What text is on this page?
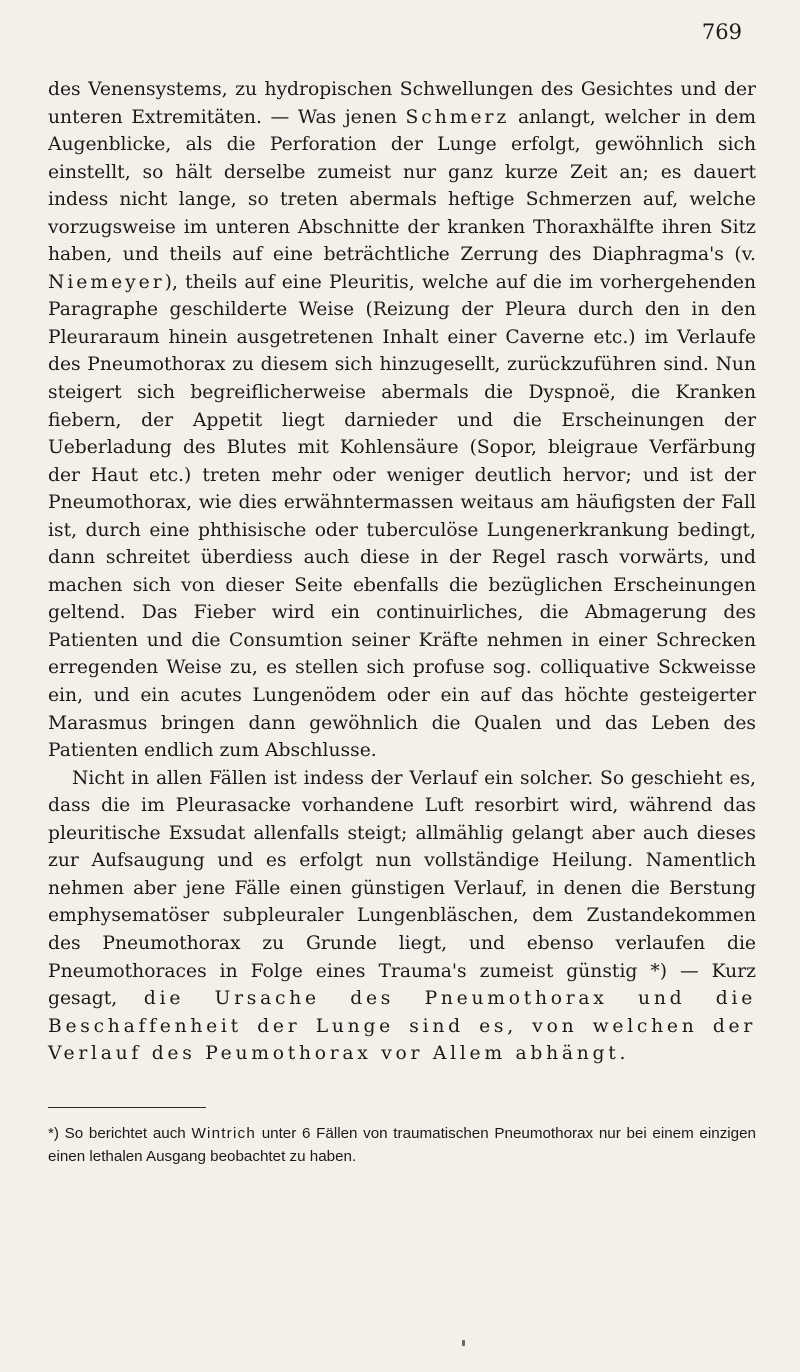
769

des Venensystems, zu hydropischen Schwellungen des Gesichtes und der unteren Extremitäten. — Was jenen Schmerz anlangt, welcher in dem Augenblicke, als die Perforation der Lunge erfolgt, gewöhnlich sich einstellt, so hält derselbe zumeist nur ganz kurze Zeit an; es dauert indess nicht lange, so treten abermals heftige Schmerzen auf, welche vorzugsweise im unteren Abschnitte der kranken Thoraxhälfte ihren Sitz haben, und theils auf eine beträchtliche Zerrung des Diaphragma's (v. Niemeyer), theils auf eine Pleuritis, welche auf die im vorhergehenden Paragraphe geschilderte Weise (Reizung der Pleura durch den in den Pleuraraum hinein ausgetretenen Inhalt einer Caverne etc.) im Verlaufe des Pneumothorax zu diesem sich hinzugesellt, zurückzuführen sind. Nun steigert sich begreiflicherweise abermals die Dyspnoë, die Kranken fiebern, der Appetit liegt darnieder und die Erscheinungen der Ueberladung des Blutes mit Kohlensäure (Sopor, bleigraue Verfärbung der Haut etc.) treten mehr oder weniger deutlich hervor; und ist der Pneumothorax, wie dies erwähntermassen weitaus am häufigsten der Fall ist, durch eine phthisische oder tuberculöse Lungenerkrankung bedingt, dann schreitet überdiess auch diese in der Regel rasch vorwärts, und machen sich von dieser Seite ebenfalls die bezüglichen Erscheinungen geltend. Das Fieber wird ein continuirliches, die Abmagerung des Patienten und die Consumtion seiner Kräfte nehmen in einer Schrecken erregenden Weise zu, es stellen sich profuse sog. colliquative Sckweisse ein, und ein acutes Lungenödem oder ein auf das höchte gesteigerter Marasmus bringen dann gewöhnlich die Qualen und das Leben des Patienten endlich zum Abschlusse.

Nicht in allen Fällen ist indess der Verlauf ein solcher. So geschieht es, dass die im Pleurasacke vorhandene Luft resorbirt wird, während das pleuritische Exsudat allenfalls steigt; allmählig gelangt aber auch dieses zur Aufsaugung und es erfolgt nun vollständige Heilung. Namentlich nehmen aber jene Fälle einen günstigen Verlauf, in denen die Berstung emphysematöser subpleuraler Lungenbläschen, dem Zustandekommen des Pneumothorax zu Grunde liegt, und ebenso verlaufen die Pneumothoraces in Folge eines Trauma's zumeist günstig *) — Kurz gesagt, die Ursache des Pneumothorax und die Beschaffenheit der Lunge sind es, von welchen der Verlauf des Peumothorax vor Allem abhängt.

*) So berichtet auch Wintrich unter 6 Fällen von traumatischen Pneumothorax nur bei einem einzigen einen lethalen Ausgang beobachtet zu haben.
